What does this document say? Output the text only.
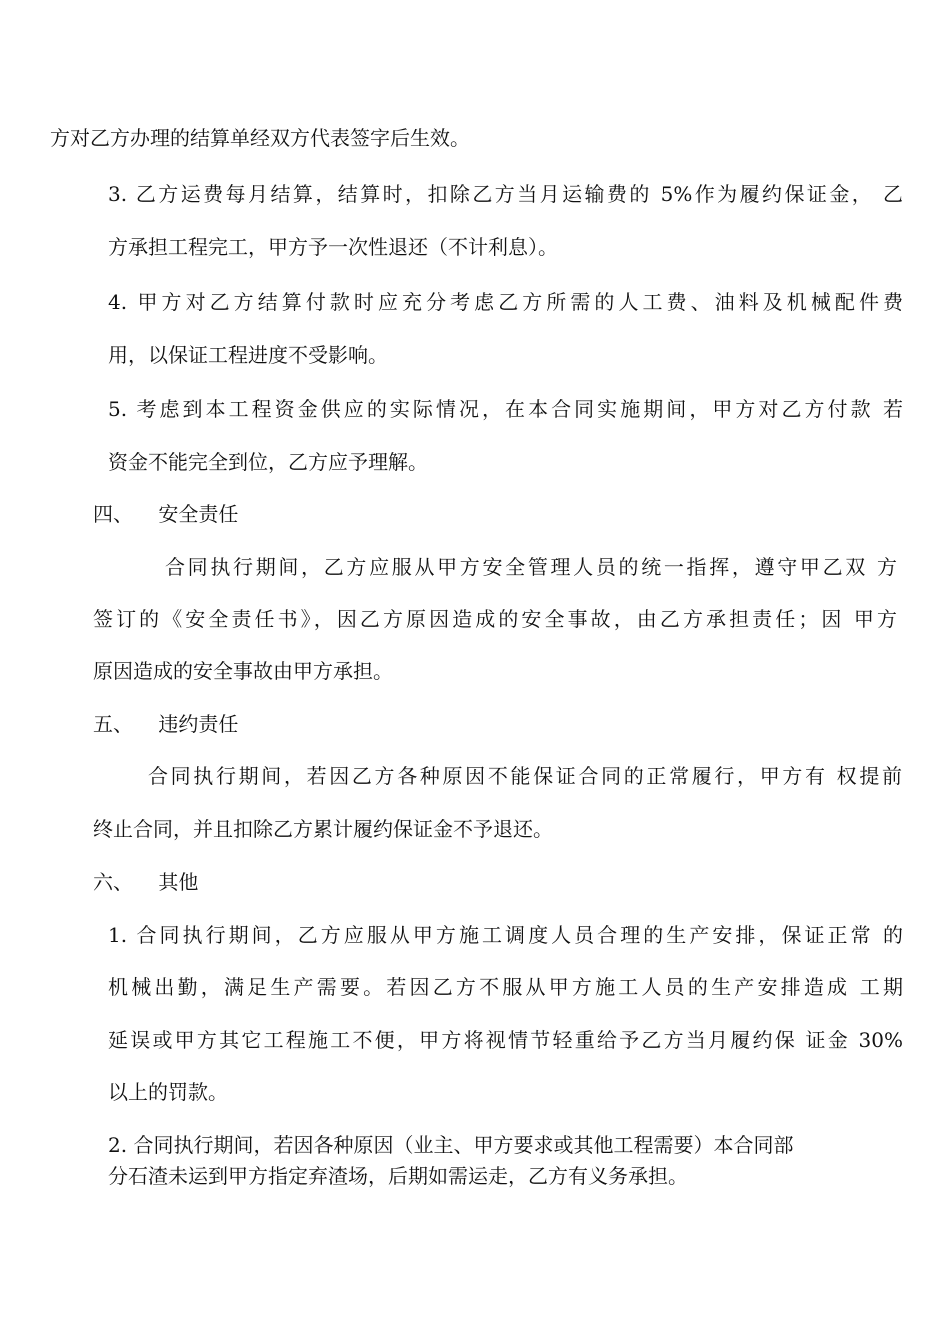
方对乙方办理的结算单经双方代表签字后生效。
3. 乙方运费每月结算，结算时，扣除乙方当月运输费的 5%作为履约保证金， 乙
方承担工程完工，甲方予一次性退还（不计利息）。
4. 甲方对乙方结算付款时应充分考虑乙方所需的人工费、油料及机械配件费
用，以保证工程进度不受影响。
5. 考虑到本工程资金供应的实际情况，在本合同实施期间，甲方对乙方付款 若
资金不能完全到位，乙方应予理解。
四、    安全责任
合同执行期间，乙方应服从甲方安全管理人员的统一指挥，遵守甲乙双 方
签订的《安全责任书》，因乙方原因造成的安全事故，由乙方承担责任；因 甲方
原因造成的安全事故由甲方承担。
五、    违约责任
合同执行期间，若因乙方各种原因不能保证合同的正常履行，甲方有 权提前
终止合同，并且扣除乙方累计履约保证金不予退还。
六、    其他
1. 合同执行期间，乙方应服从甲方施工调度人员合理的生产安排，保证正常 的
机械出勤，满足生产需要。若因乙方不服从甲方施工人员的生产安排造成 工期
延误或甲方其它工程施工不便，甲方将视情节轻重给予乙方当月履约保 证金 30%
以上的罚款。
2. 合同执行期间，若因各种原因（业主、甲方要求或其他工程需要）本合同部
分石渣未运到甲方指定弃渣场，后期如需运走，乙方有义务承担。
